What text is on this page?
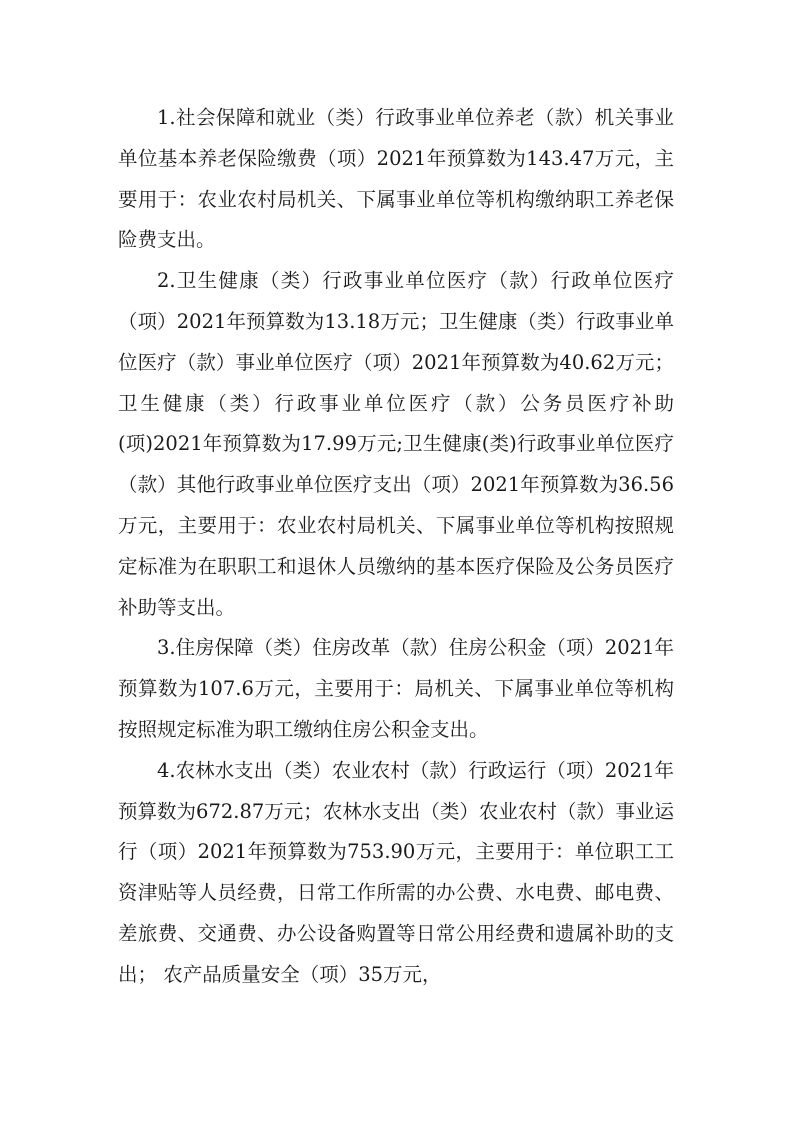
1.社会保障和就业（类）行政事业单位养老（款）机关事业单位基本养老保险缴费（项）2021年预算数为143.47万元，主要用于：农业农村局机关、下属事业单位等机构缴纳职工养老保险费支出。

2.卫生健康（类）行政事业单位医疗（款）行政单位医疗（项）2021年预算数为13.18万元；卫生健康（类）行政事业单位医疗（款）事业单位医疗（项）2021年预算数为40.62万元；卫生健康（类）行政事业单位医疗（款）公务员医疗补助(项)2021年预算数为17.99万元;卫生健康(类)行政事业单位医疗（款）其他行政事业单位医疗支出（项）2021年预算数为36.56万元，主要用于：农业农村局机关、下属事业单位等机构按照规定标准为在职职工和退休人员缴纳的基本医疗保险及公务员医疗补助等支出。

3.住房保障（类）住房改革（款）住房公积金（项）2021年预算数为107.6万元，主要用于：局机关、下属事业单位等机构按照规定标准为职工缴纳住房公积金支出。

4.农林水支出（类）农业农村（款）行政运行（项）2021年预算数为672.87万元；农林水支出（类）农业农村（款）事业运行（项）2021年预算数为753.90万元，主要用于：单位职工工资津贴等人员经费，日常工作所需的办公费、水电费、邮电费、差旅费、交通费、办公设备购置等日常公用经费和遗属补助的支出； 农产品质量安全（项）35万元，
